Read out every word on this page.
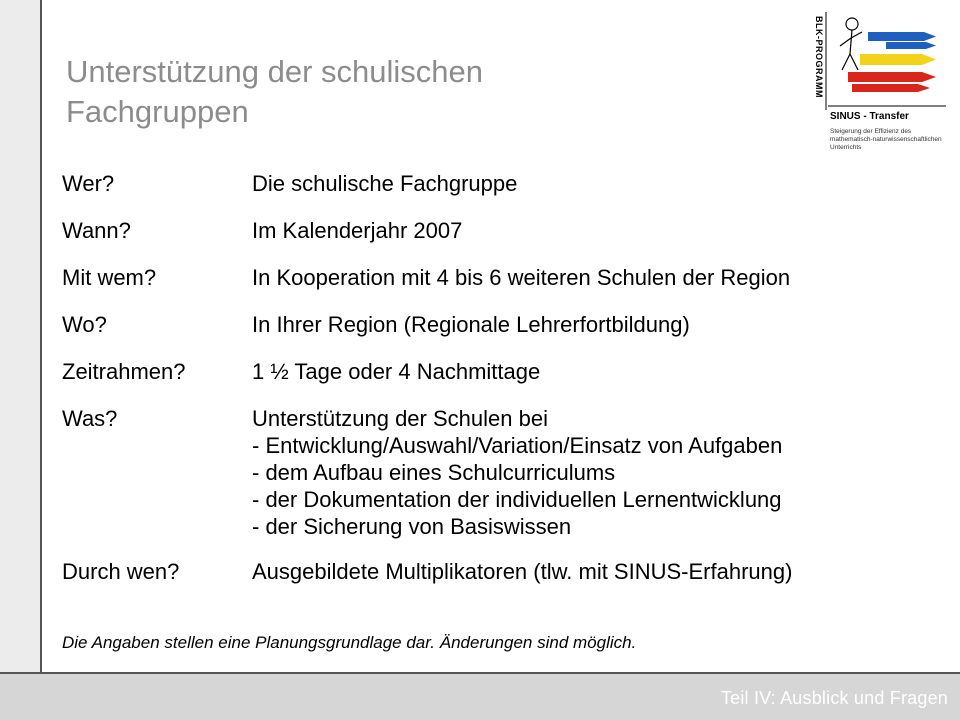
Teil IV: Ausblick und Fragen
Unterstützung der schulischen
Fachgruppen
BLK-PROGRAMM
SINUS - Transfer
Steigerung der Effizienz des mathematisch-naturwissenschaftlichen Unterrichts
Wer?	Die schulische Fachgruppe
Wann?	Im Kalenderjahr 2007
Mit wem?	In Kooperation mit 4 bis 6 weiteren Schulen der Region
Wo?	In Ihrer Region (Regionale Lehrerfortbildung)
Zeitrahmen?	1 ½ Tage oder 4 Nachmittage
Was?	Unterstützung der Schulen bei
- Entwicklung/Auswahl/Variation/Einsatz von Aufgaben
- dem Aufbau eines Schulcurriculums
- der Dokumentation der individuellen Lernentwicklung
- der Sicherung von Basiswissen
Durch wen?	Ausgebildete Multiplikatoren (tlw. mit SINUS-Erfahrung)
Die Angaben stellen eine Planungsgrundlage dar. Änderungen sind möglich.
